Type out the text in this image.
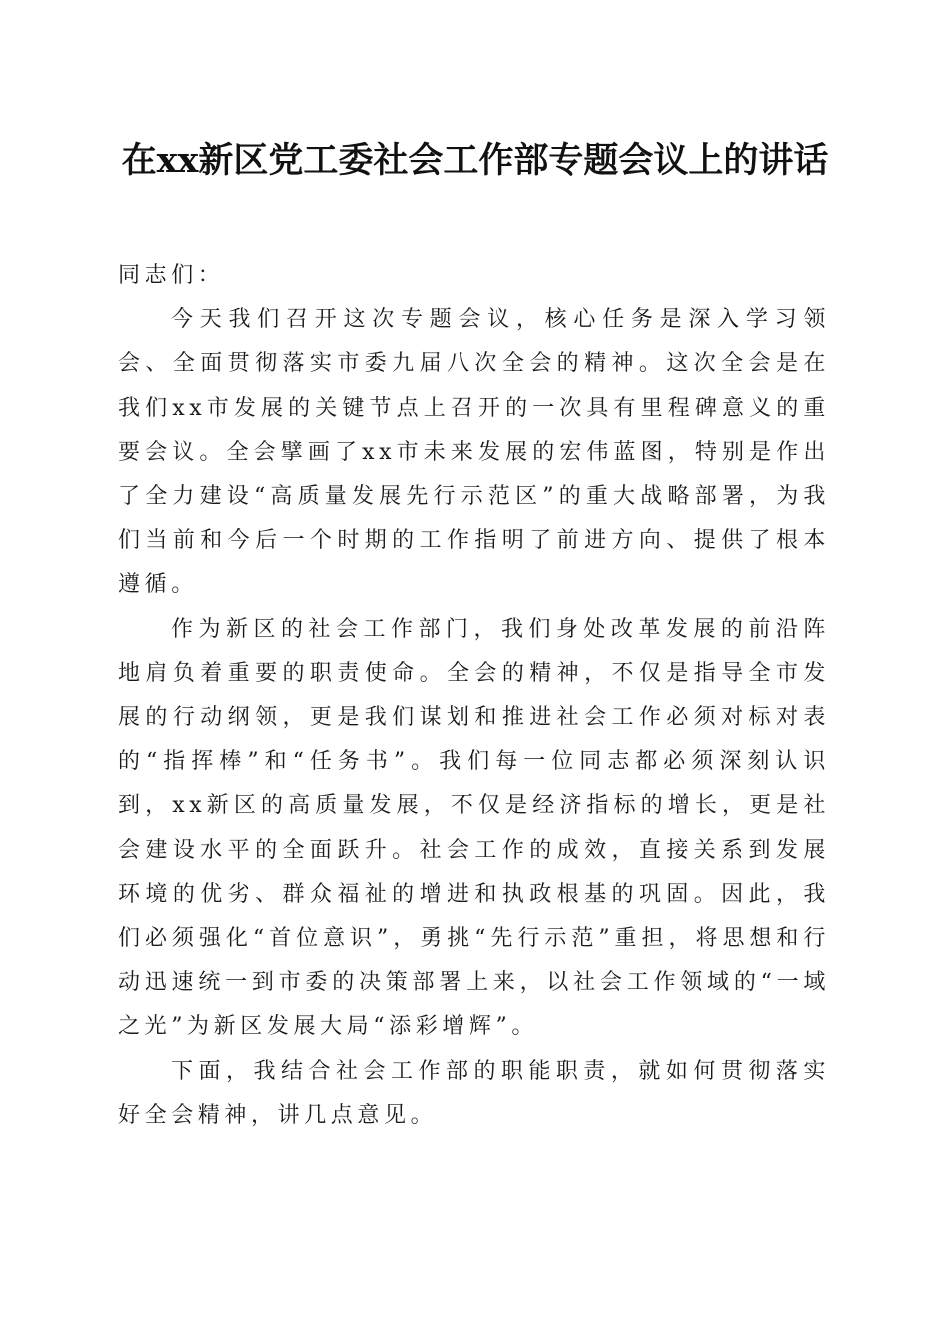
在xx新区党工委社会工作部专题会议上的讲话

同志们：

今天我们召开这次专题会议，核心任务是深入学习领会、全面贯彻落实市委九届八次全会的精神。这次全会是在我们xx市发展的关键节点上召开的一次具有里程碑意义的重要会议。全会擘画了xx市未来发展的宏伟蓝图，特别是作出了全力建设“高质量发展先行示范区”的重大战略部署，为我们当前和今后一个时期的工作指明了前进方向、提供了根本遵循。

作为新区的社会工作部门，我们身处改革发展的前沿阵地肩负着重要的职责使命。全会的精神，不仅是指导全市发展的行动纲领，更是我们谋划和推进社会工作必须对标对表的“指挥棒”和“任务书”。我们每一位同志都必须深刻认识到，xx新区的高质量发展，不仅是经济指标的增长，更是社会建设水平的全面跃升。社会工作的成效，直接关系到发展环境的优劣、群众福祉的增进和执政根基的巩固。因此，我们必须强化“首位意识”，勇挑“先行示范”重担，将思想和行动迅速统一到市委的决策部署上来，以社会工作领域的“一域之光”为新区发展大局“添彩增辉”。

下面，我结合社会工作部的职能职责，就如何贯彻落实好全会精神，讲几点意见。
